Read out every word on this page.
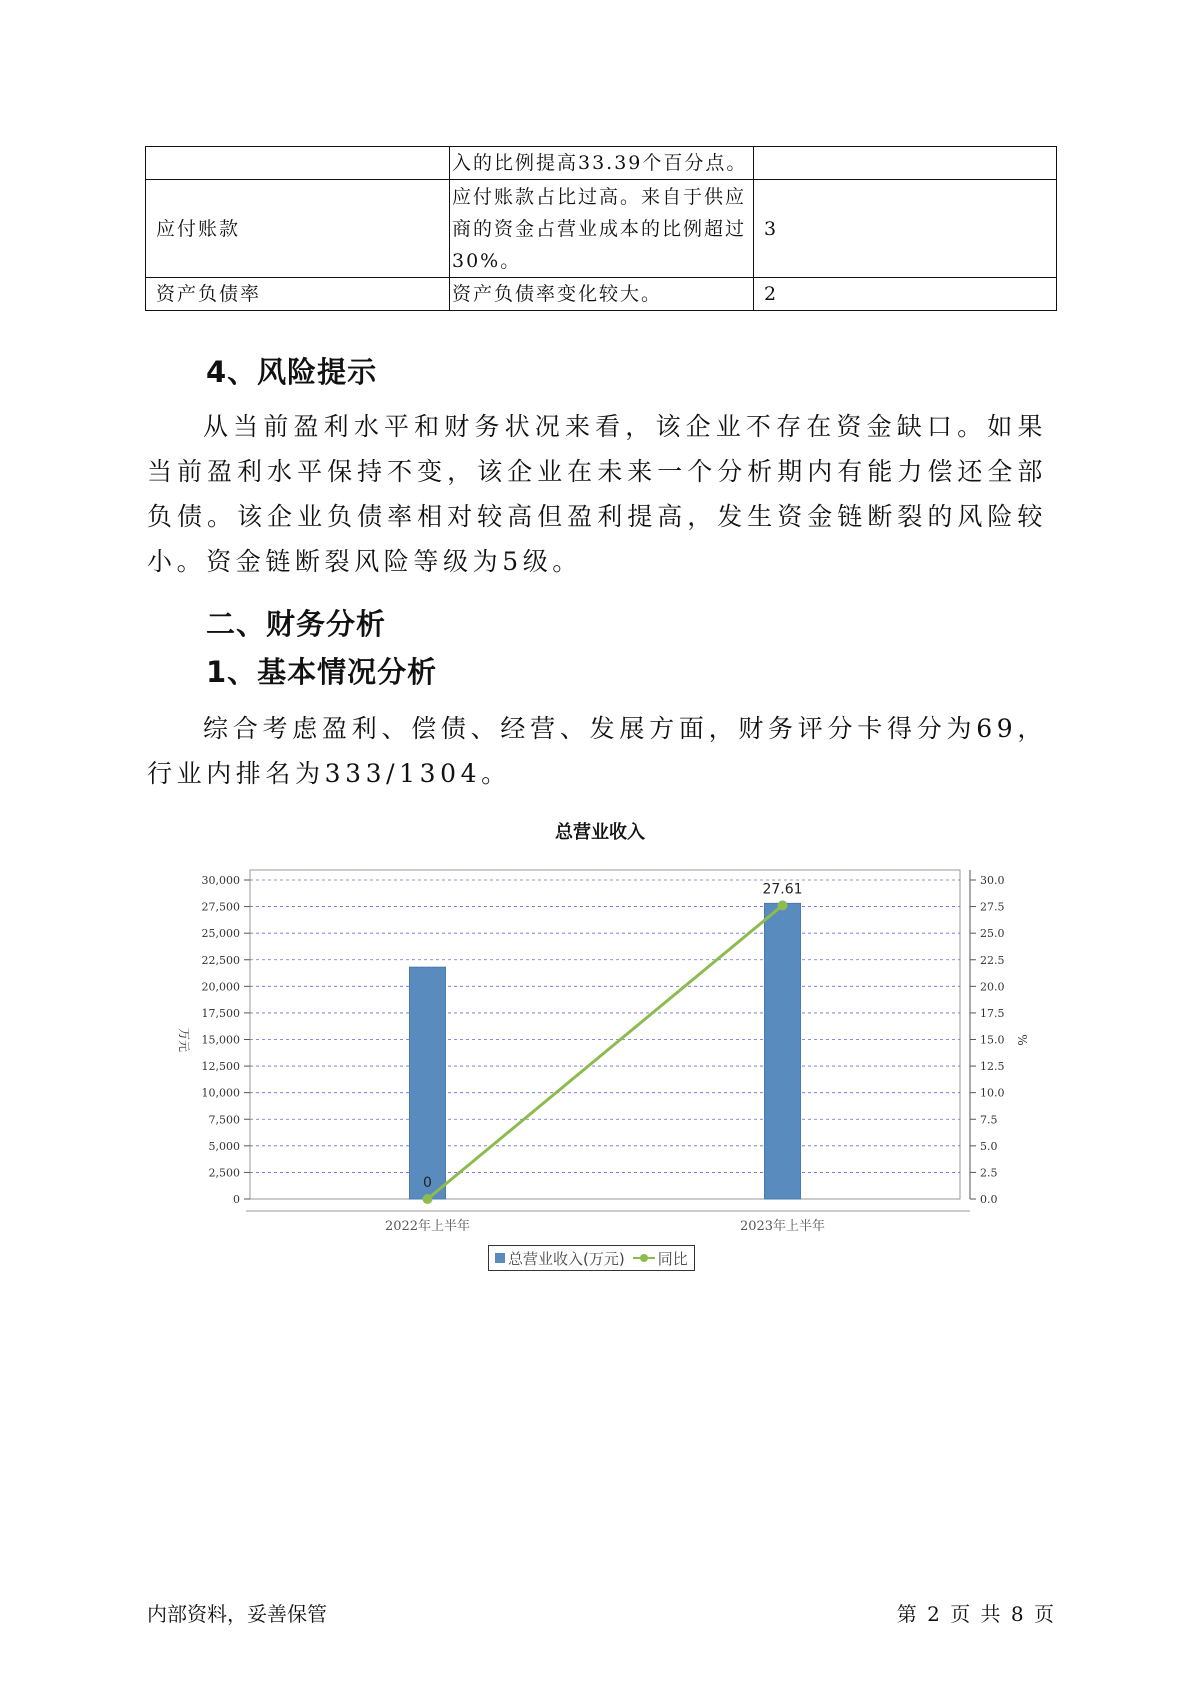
	入的比例提高33.39个百分点。	
应付账款	应付账款占比过高。来自于供应商的资金占营业成本的比例超过30%。	3
资产负债率	资产负债率变化较大。	2
4、风险提示

从当前盈利水平和财务状况来看，该企业不存在资金缺口。如果当前盈利水平保持不变，该企业在未来一个分析期内有能力偿还全部负债。该企业负债率相对较高但盈利提高，发生资金链断裂的风险较小。资金链断裂风险等级为5级。

二、财务分析
1、基本情况分析

综合考虑盈利、偿债、经营、发展方面，财务评分卡得分为69，行业内排名为333/1304。

总营业收入
0
2,500
5,000
7,500
10,000
12,500
15,000
17,500
20,000
22,500
25,000
27,500
30,000
0.0
2.5
5.0
7.5
10.0
12.5
15.0
17.5
20.0
22.5
25.0
27.5
30.0
万元	%
2022年上半年	2023年上半年
0
27.61
总营业收入(万元) 同比
内部资料，妥善保管	第 2 页 共 8 页
